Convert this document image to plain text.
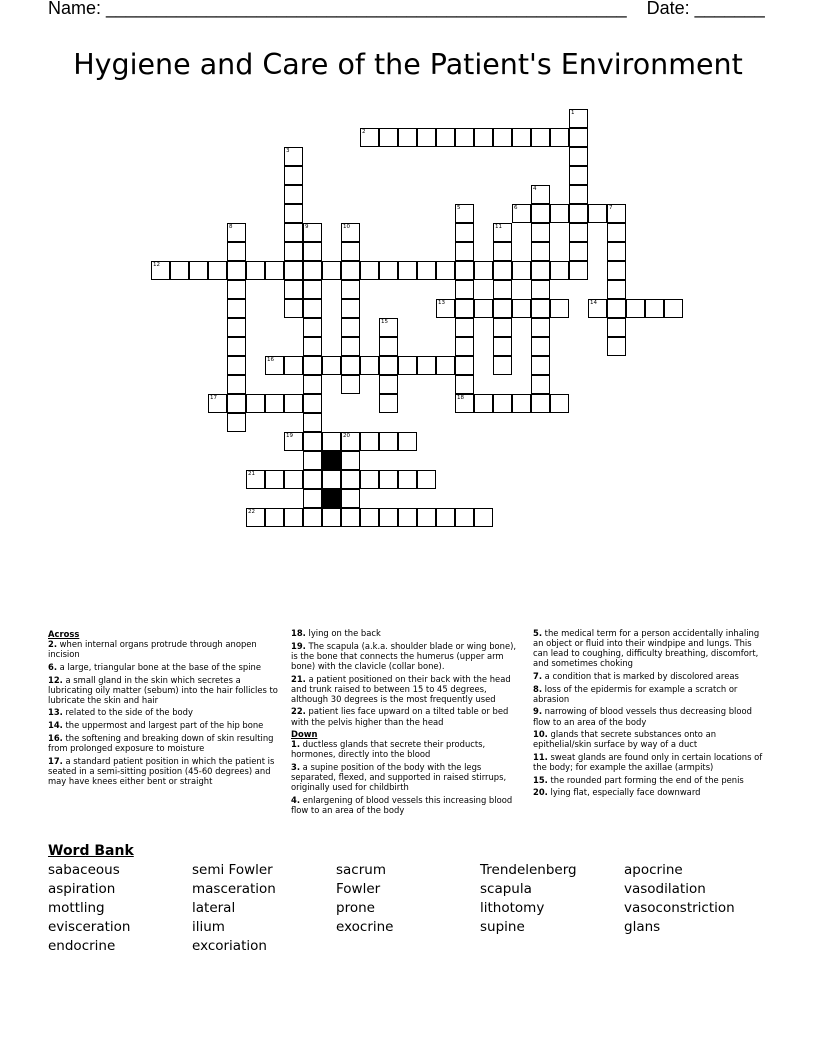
Name: ____________________________________________________ Date: _______
Hygiene and Care of the Patient's Environment
1
2
3
4
5	6	7
8	9	10	11
12
13	14
15
16
17	18
19	20
21
22
Across
2. when internal organs protrude through anopen incision
6. a large, triangular bone at the base of the spine
12. a small gland in the skin which secretes a lubricating oily matter (sebum) into the hair follicles to lubricate the skin and hair
13. related to the side of the body
14. the uppermost and largest part of the hip bone
16. the softening and breaking down of skin resulting from prolonged exposure to moisture
17. a standard patient position in which the patient is seated in a semi-sitting position (45-60 degrees) and may have knees either bent or straight
18. lying on the back
19. The scapula (a.k.a. shoulder blade or wing bone), is the bone that connects the humerus (upper arm bone) with the clavicle (collar bone).
21. a patient positioned on their back with the head and trunk raised to between 15 to 45 degrees, although 30 degrees is the most frequently used
22. patient lies face upward on a tilted table or bed with the pelvis higher than the head
Down
1. ductless glands that secrete their products, hormones, directly into the blood
3. a supine position of the body with the legs separated, flexed, and supported in raised stirrups, originally used for childbirth
4. enlargening of blood vessels this increasing blood flow to an area of the body
5. the medical term for a person accidentally inhaling an object or fluid into their windpipe and lungs. This can lead to coughing, difficulty breathing, discomfort, and sometimes choking
7. a condition that is marked by discolored areas
8. loss of the epidermis for example a scratch or abrasion
9. narrowing of blood vessels thus decreasing blood flow to an area of the body
10. glands that secrete substances onto an epithelial/skin surface by way of a duct
11. sweat glands are found only in certain locations of the body; for example the axillae (armpits)
15. the rounded part forming the end of the penis
20. lying flat, especially face downward
Word Bank
sabaceous	semi Fowler	sacrum	Trendelenberg	apocrine
aspiration	masceration	Fowler	scapula	vasodilation
mottling	lateral	prone	lithotomy	vasoconstriction
evisceration	ilium	exocrine	supine	glans
endocrine	excoriation
